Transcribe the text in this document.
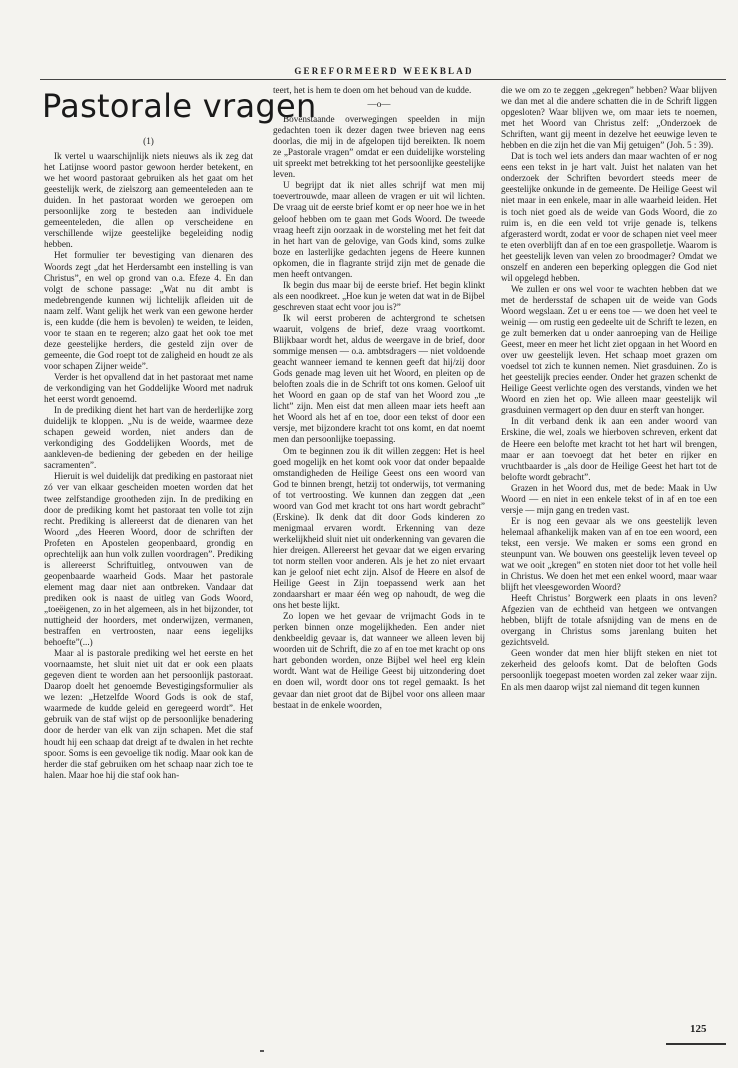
GEREFORMEERD WEEKBLAD
Pastorale vragen

(1)

Ik vertel u waarschijnlijk niets nieuws als ik zeg dat het Latijnse woord pastor gewoon herder betekent, en we het woord pastoraat gebruiken als het gaat om het geestelijk werk, de zielszorg aan gemeenteleden aan te duiden. In het pastoraat worden we geroepen om persoonlijke zorg te besteden aan individuele gemeenteleden, die allen op verscheidene en verschillende wijze geestelijke begeleiding nodig hebben.

Het formulier ter bevestiging van dienaren des Woords zegt „dat het Herdersambt een instelling is van Christus”, en wel op grond van o.a. Efeze 4. En dan volgt de schone passage: „Wat nu dit ambt is medebrengende kunnen wij lichtelijk afleiden uit de naam zelf. Want gelijk het werk van een gewone herder is, een kudde (die hem is bevolen) te weiden, te leiden, voor te staan en te regeren; alzo gaat het ook toe met deze geestelijke herders, die gesteld zijn over de gemeente, die God roept tot de zaligheid en houdt ze als voor schapen Zijner weide”.

Verder is het opvallend dat in het pastoraat met name de verkondiging van het Goddelijke Woord met nadruk het eerst wordt genoemd.

In de prediking dient het hart van de herderlijke zorg duidelijk te kloppen. „Nu is de weide, waarmee deze schapen geweid worden, niet anders dan de verkondiging des Goddelijken Woords, met de aankleven-de bediening der gebeden en der heilige sacramenten”.

Hieruit is wel duidelijk dat prediking en pastoraat niet zó ver van elkaar gescheiden moeten worden dat het twee zelfstandige grootheden zijn. In de prediking en door de prediking komt het pastoraat ten volle tot zijn recht. Prediking is allereerst dat de dienaren van het Woord „des Heeren Woord, door de schriften der Profeten en Apostelen geopenbaard, grondig en oprechtelijk aan hun volk zullen voordragen”. Prediking is allereerst Schriftuitleg, ontvouwen van de geopenbaarde waarheid Gods. Maar het pastorale element mag daar niet aan ontbreken. Vandaar dat prediken ook is naast de uitleg van Gods Woord, „toeëigenen, zo in het algemeen, als in het bijzonder, tot nuttigheid der hoorders, met onderwijzen, vermanen, bestraffen en vertroosten, naar eens iegelijks behoefte”(...)

Maar al is pastorale prediking wel het eerste en het voornaamste, het sluit niet uit dat er ook een plaats gegeven dient te worden aan het persoonlijk pastoraat. Daarop doelt het genoemde Bevestigingsformulier als we lezen: „Hetzelfde Woord Gods is ook de staf, waarmede de kudde geleid en geregeerd wordt”. Het gebruik van de staf wijst op de persoonlijke benadering door de herder van elk van zijn schapen. Met die staf houdt hij een schaap dat dreigt af te dwalen in het rechte spoor. Soms is een gevoelige tik nodig. Maar ook kan de herder die staf gebruiken om het schaap naar zich toe te halen. Maar hoe hij die staf ook han-

teert, het is hem te doen om het behoud van de kudde.

—o—

Bovenstaande overwegingen speelden in mijn gedachten toen ik dezer dagen twee brieven nag eens doorlas, die mij in de afgelopen tijd bereikten. Ik noem ze „Pastorale vragen” omdat er een duidelijke worsteling uit spreekt met betrekking tot het persoonlijke geestelijke leven.

U begrijpt dat ik niet alles schrijf wat men mij toevertrouwde, maar alleen de vragen er uit wil lichten. De vraag uit de eerste brief komt er op neer hoe we in het geloof hebben om te gaan met Gods Woord. De tweede vraag heeft zijn oorzaak in de worsteling met het feit dat in het hart van de gelovige, van Gods kind, soms zulke boze en lasterlijke gedachten jegens de Heere kunnen opkomen, die in flagrante strijd zijn met de genade die men heeft ontvangen.

Ik begin dus maar bij de eerste brief. Het begin klinkt als een noodkreet. „Hoe kun je weten dat wat in de Bijbel geschreven staat echt voor jou is?”

Ik wil eerst proberen de achtergrond te schetsen waaruit, volgens de brief, deze vraag voortkomt. Blijkbaar wordt het, aldus de weergave in de brief, door sommige mensen — o.a. ambtsdragers — niet voldoende geacht wanneer iemand te kennen geeft dat hij/zij door Gods genade mag leven uit het Woord, en pleiten op de beloften zoals die in de Schrift tot ons komen. Geloof uit het Woord en gaan op de staf van het Woord zou „te licht” zijn. Men eist dat men alleen maar iets heeft aan het Woord als het af en toe, door een tekst of door een versje, met bijzondere kracht tot ons komt, en dat noemt men dan persoonlijke toepassing.

Om te beginnen zou ik dit willen zeggen: Het is heel goed mogelijk en het komt ook voor dat onder bepaalde omstandigheden de Heilige Geest ons een woord van God te binnen brengt, hetzij tot onderwijs, tot vermaning of tot vertroosting. We kunnen dan zeggen dat „een woord van God met kracht tot ons hart wordt gebracht” (Erskine). Ik denk dat dit door Gods kinderen zo menigmaal ervaren wordt. Erkenning van deze werkelijkheid sluit niet uit onderkenning van gevaren die hier dreigen. Allereerst het gevaar dat we eigen ervaring tot norm stellen voor anderen. Als je het zo niet ervaart kan je geloof niet echt zijn. Alsof de Heere en alsof de Heilige Geest in Zijn toepassend werk aan het zondaarshart er maar één weg op nahoudt, de weg die ons het beste lijkt.

Zo lopen we het gevaar de vrijmacht Gods in te perken binnen onze mogelijkheden. Een ander niet denkbeeldig gevaar is, dat wanneer we alleen leven bij woorden uit de Schrift, die zo af en toe met kracht op ons hart gebonden worden, onze Bijbel wel heel erg klein wordt. Want wat de Heilige Geest bij uitzondering doet en doen wil, wordt door ons tot regel gemaakt. Is het gevaar dan niet groot dat de Bijbel voor ons alleen maar bestaat in de enkele woorden,

die we om zo te zeggen „gekregen” hebben? Waar blijven we dan met al die andere schatten die in de Schrift liggen opgesloten? Waar blijven we, om maar iets te noemen, met het Woord van Christus zelf: „Onderzoek de Schriften, want gij meent in dezelve het eeuwige leven te hebben en die zijn het die van Mij getuigen” (Joh. 5 : 39).

Dat is toch wel iets anders dan maar wachten of er nog eens een tekst in je hart valt. Juist het nalaten van het onderzoek der Schriften bevordert steeds meer de geestelijke onkunde in de gemeente. De Heilige Geest wil niet maar in een enkele, maar in alle waarheid leiden. Het is toch niet goed als de weide van Gods Woord, die zo ruim is, en die een veld tot vrije genade is, telkens afgerasterd wordt, zodat er voor de schapen niet veel meer te eten overblijft dan af en toe een graspolletje. Waarom is het geestelijk leven van velen zo broodmager? Omdat we onszelf en anderen een beperking opleggen die God niet wil opgelegd hebben.

We zullen er ons wel voor te wachten hebben dat we met de herdersstaf de schapen uit de weide van Gods Woord wegslaan. Zet u er eens toe — we doen het veel te weinig — om rustig een gedeelte uit de Schrift te lezen, en ge zult bemerken dat u onder aanroeping van de Heilige Geest, meer en meer het licht ziet opgaan in het Woord en over uw geestelijk leven. Het schaap moet grazen om voedsel tot zich te kunnen nemen. Niet grasduinen. Zo is het geestelijk precies eender. Onder het grazen schenkt de Heilige Geest verlichte ogen des verstands, vinden we het Woord en zien het op. Wie alleen maar geestelijk wil grasduinen vermagert op den duur en sterft van honger.

In dit verband denk ik aan een ander woord van Erskine, die wel, zoals we hierboven schreven, erkent dat de Heere een belofte met kracht tot het hart wil brengen, maar er aan toevoegt dat het beter en rijker en vruchtbaarder is „als door de Heilige Geest het hart tot de belofte wordt gebracht”.

Grazen in het Woord dus, met de bede: Maak in Uw Woord — en niet in een enkele tekst of in af en toe een versje — mijn gang en treden vast.

Er is nog een gevaar als we ons geestelijk leven helemaal afhankelijk maken van af en toe een woord, een tekst, een versje. We maken er soms een grond en steunpunt van. We bouwen ons geestelijk leven teveel op wat we ooit „kregen” en stoten niet door tot het volle heil in Christus. We doen het met een enkel woord, maar waar blijft het vleesgeworden Woord?

Heeft Christus’ Borgwerk een plaats in ons leven? Afgezien van de echtheid van hetgeen we ontvangen hebben, blijft de totale afsnijding van de mens en de overgang in Christus soms jarenlang buiten het gezichtsveld.

Geen wonder dat men hier blijft steken en niet tot zekerheid des geloofs komt. Dat de beloften Gods persoonlijk toegepast moeten worden zal zeker waar zijn. En als men daarop wijst zal niemand dit tegen kunnen

125
